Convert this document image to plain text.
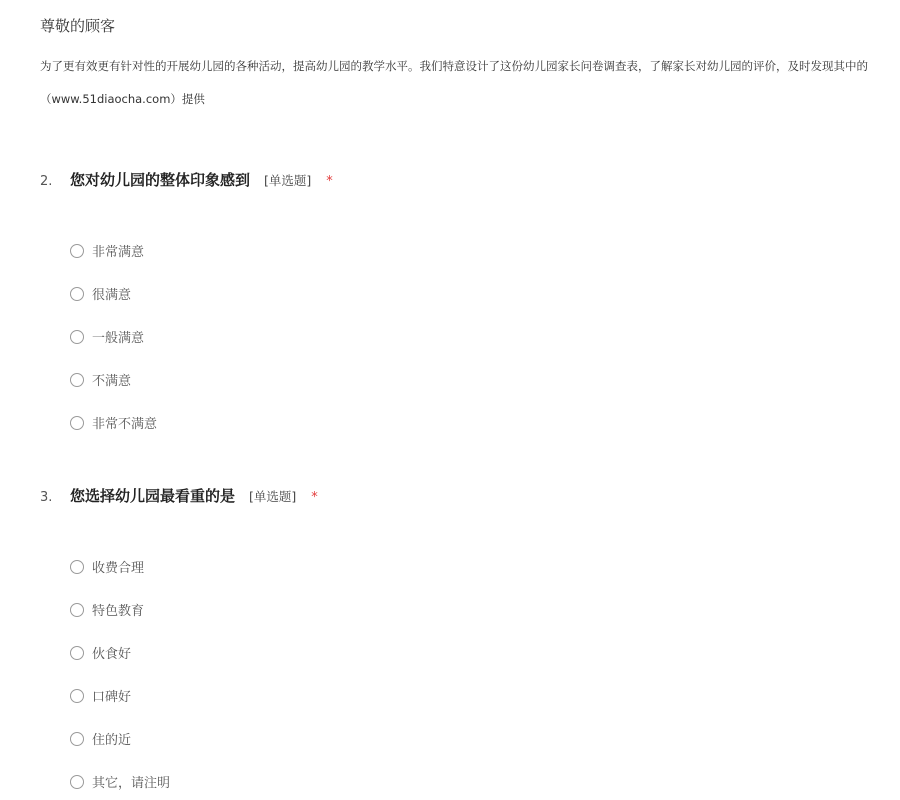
尊敬的顾客
为了更有效更有针对性的开展幼儿园的各种活动，提高幼儿园的教学水平。我们特意设计了这份幼儿园家长问卷调查表，了解家长对幼儿园的评价，及时发现其中的
（www.51diaocha.com）提供
2.	您对幼儿园的整体印象感到 [单选题] *
非常满意
很满意
一般满意
不满意
非常不满意
3.	您选择幼儿园最看重的是 [单选题] *
收费合理
特色教育
伙食好
口碑好
住的近
其它，请注明
